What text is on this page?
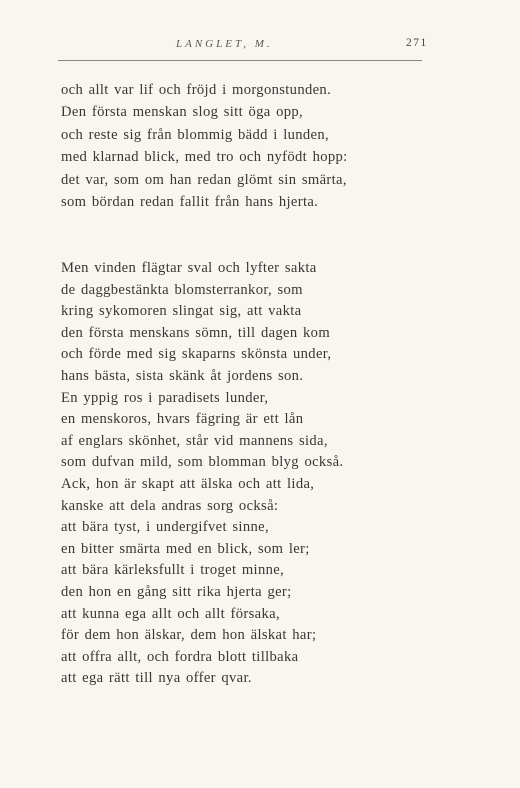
LANGLET, M.	271
och allt var lif och fröjd i morgonstunden.
Den första menskan slog sitt öga opp,
och reste sig från blommig bädd i lunden,
med klarnad blick, med tro och nyfödt hopp:
det var, som om han redan glömt sin smärta,
som bördan redan fallit från hans hjerta.
Men vinden flägtar sval och lyfter sakta
de daggbestänkta blomsterrankor, som
kring sykomoren slingat sig, att vakta
den första menskans sömn, till dagen kom
och förde med sig skaparns skönsta under,
hans bästa, sista skänk åt jordens son.
En yppig ros i paradisets lunder,
en menskoros, hvars fägring är ett lån
af englars skönhet, står vid mannens sida,
som dufvan mild, som blomman blyg också.
Ack, hon är skapt att älska och att lida,
kanske att dela andras sorg också:
att bära tyst, i undergifvet sinne,
en bitter smärta med en blick, som ler;
att bära kärleksfullt i troget minne,
den hon en gång sitt rika hjerta ger;
att kunna ega allt och allt försaka,
för dem hon älskar, dem hon älskat har;
att offra allt, och fordra blott tillbaka
att ega rätt till nya offer qvar.
